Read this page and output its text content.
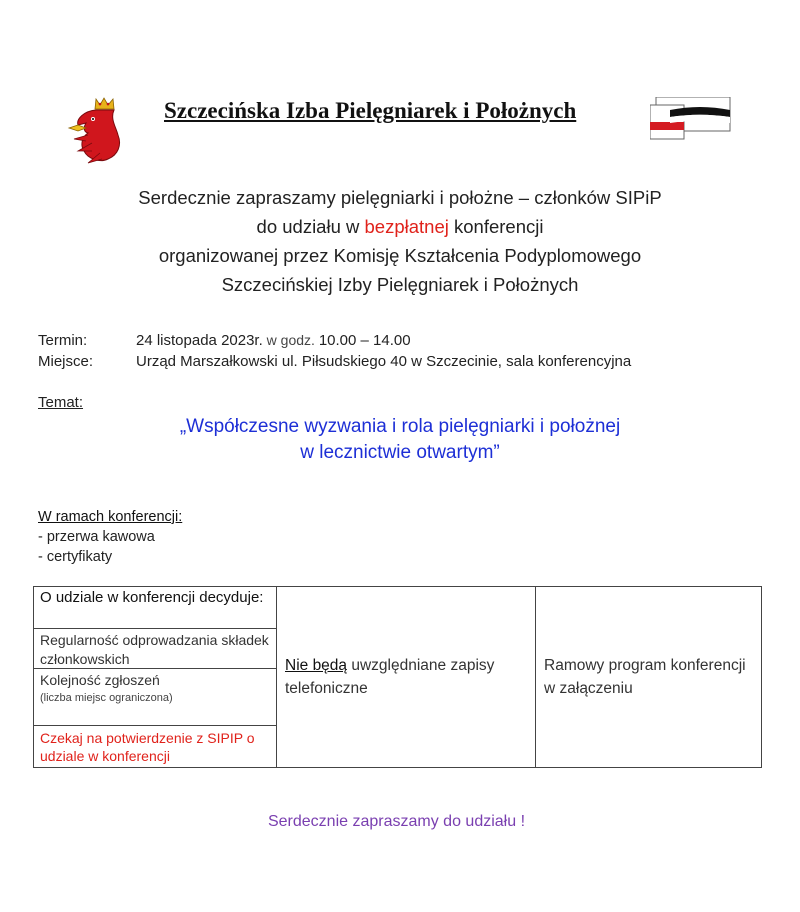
Szczecińska Izba Pielęgniarek i Położnych
Serdecznie zapraszamy pielęgniarki i położne – członków SIPiP
do udziału w bezpłatnej konferencji
organizowanej przez Komisję Kształcenia Podyplomowego
Szczecińskiej Izby Pielęgniarek i Położnych
Termin:	24 listopada 2023r. w godz. 10.00 – 14.00
Miejsce:	Urząd Marszałkowski ul. Piłsudskiego 40 w Szczecinie, sala konferencyjna
Temat:
„Współczesne wyzwania i rola pielęgniarki i położnej
w lecznictwie otwartym”
W ramach konferencji:
- przerwa kawowa
- certyfikaty
O udziale w konferencji decyduje:
Regularność odprowadzania składek członkowskich
Kolejność zgłoszeń
(liczba miejsc ograniczona)
Czekaj na potwierdzenie z SIPIP o udziale w konferencji
	Nie będą uwzględniane zapisy telefoniczne	Ramowy program konferencji w załączeniu
Serdecznie zapraszamy do udziału !
